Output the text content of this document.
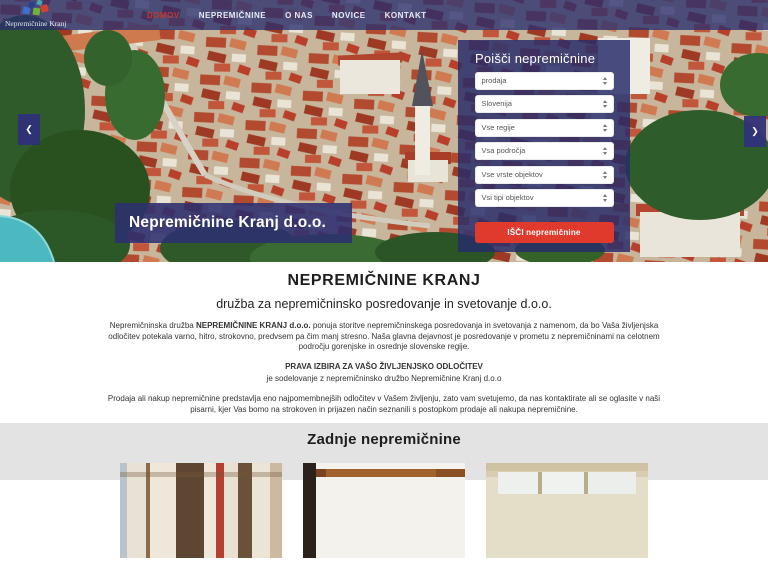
Nepremičnine Kranj
DOMOV NEPREMIČNINE O NAS NOVICE KONTAKT
❮	❯
Nepremičnine Kranj d.o.o.
Poišči nepremičnine
prodaja
Slovenija
Vse regije
Vsa področja
Vse vrste objektov
Vsi tipi objektov
IŠČI nepremičnine
NEPREMIČNINE KRANJ

družba za nepremičninsko posredovanje in svetovanje d.o.o.

Nepremičninska družba NEPREMIČNINE KRANJ d.o.o. ponuja storitve nepremičninskega posredovanja in svetovanja z namenom, da bo Vaša življenjska odločitev potekala varno, hitro, strokovno, predvsem pa čim manj stresno. Naša glavna dejavnost je posredovanje v prometu z nepremičninami na celotnem področju gorenjske in osrednje slovenske regije.

PRAVA IZBIRA ZA VAŠO ŽIVLJENJSKO ODLOČITEV

je sodelovanje z nepremičninsko družbo Nepremičnine Kranj d.o.o

Prodaja ali nakup nepremičnine predstavlja eno najpomembnejših odločitev v Vašem življenju, zato vam svetujemo, da nas kontaktirate ali se oglasite v naši pisarni, kjer Vas bomo na strokoven in prijazen način seznanili s postopkom prodaje ali nakupa nepremičnine.

Zadnje nepremičnine
